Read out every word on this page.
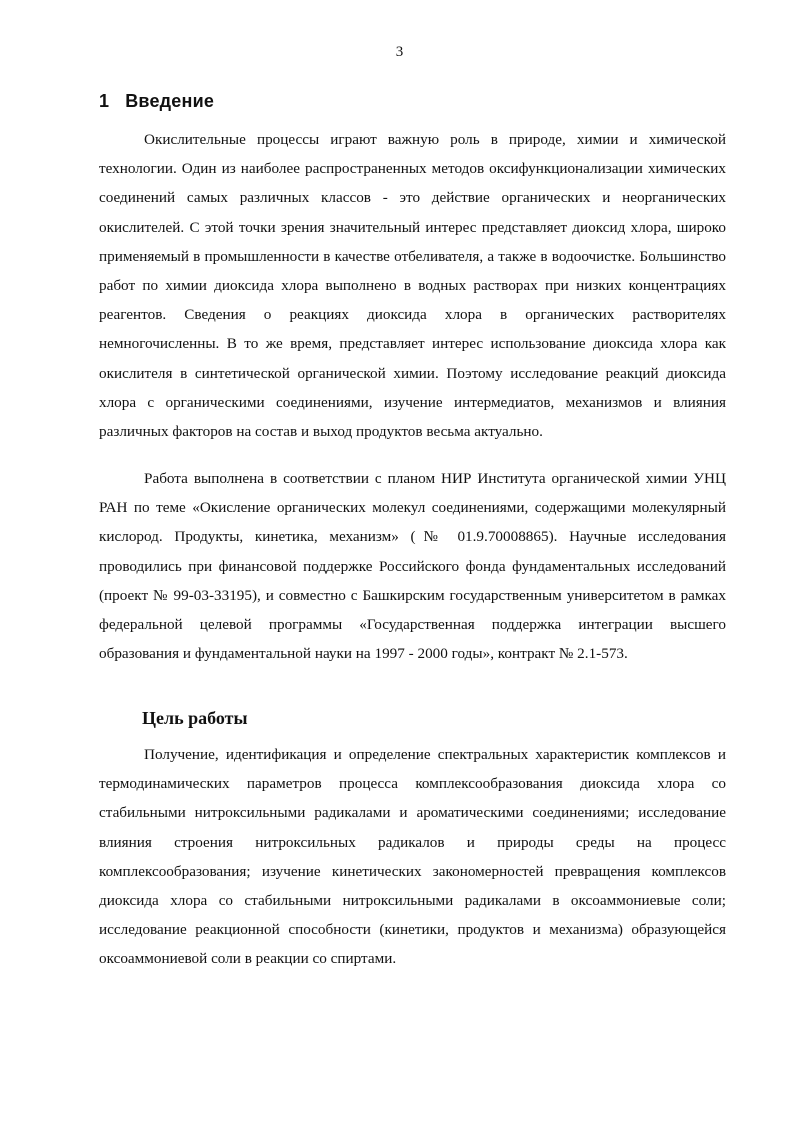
3
1 Введение

Окислительные процессы играют важную роль в природе, химии и химической технологии. Один из наиболее распространенных методов оксифункционализации химических соединений самых различных классов - это действие органических и неорганических окислителей. С этой точки зрения значительный интерес представляет диоксид хлора, широко применяемый в промышленности в качестве отбеливателя, а также в водоочистке. Большинство работ по химии диоксида хлора выполнено в водных растворах при низких концентрациях реагентов. Сведения о реакциях диоксида хлора в органических растворителях немногочисленны. В то же время, представляет интерес использование диоксида хлора как окислителя в синтетической органической химии. Поэтому исследование реакций диоксида хлора с органическими соединениями, изучение интермедиатов, механизмов и влияния различных факторов на состав и выход продуктов весьма актуально.

Работа выполнена в соответствии с планом НИР Института органической химии УНЦ РАН по теме «Окисление органических молекул соединениями, содержащими молекулярный кислород. Продукты, кинетика, механизм» (№ 01.9.70008865). Научные исследования проводились при финансовой поддержке Российского фонда фундаментальных исследований (проект № 99-03-33195), и совместно с Башкирским государственным университетом в рамках федеральной целевой программы «Государственная поддержка интеграции высшего образования и фундаментальной науки на 1997 - 2000 годы», контракт № 2.1-573.

Цель работы

Получение, идентификация и определение спектральных характеристик комплексов и термодинамических параметров процесса комплексообразования диоксида хлора со стабильными нитроксильными радикалами и ароматическими соединениями; исследование влияния строения нитроксильных радикалов и природы среды на процесс комплексообразования; изучение кинетических закономерностей превращения комплексов диоксида хлора со стабильными нитроксильными радикалами в оксоаммониевые соли; исследование реакционной способности (кинетики, продуктов и механизма) образующейся оксоаммониевой соли в реакции со спиртами.
